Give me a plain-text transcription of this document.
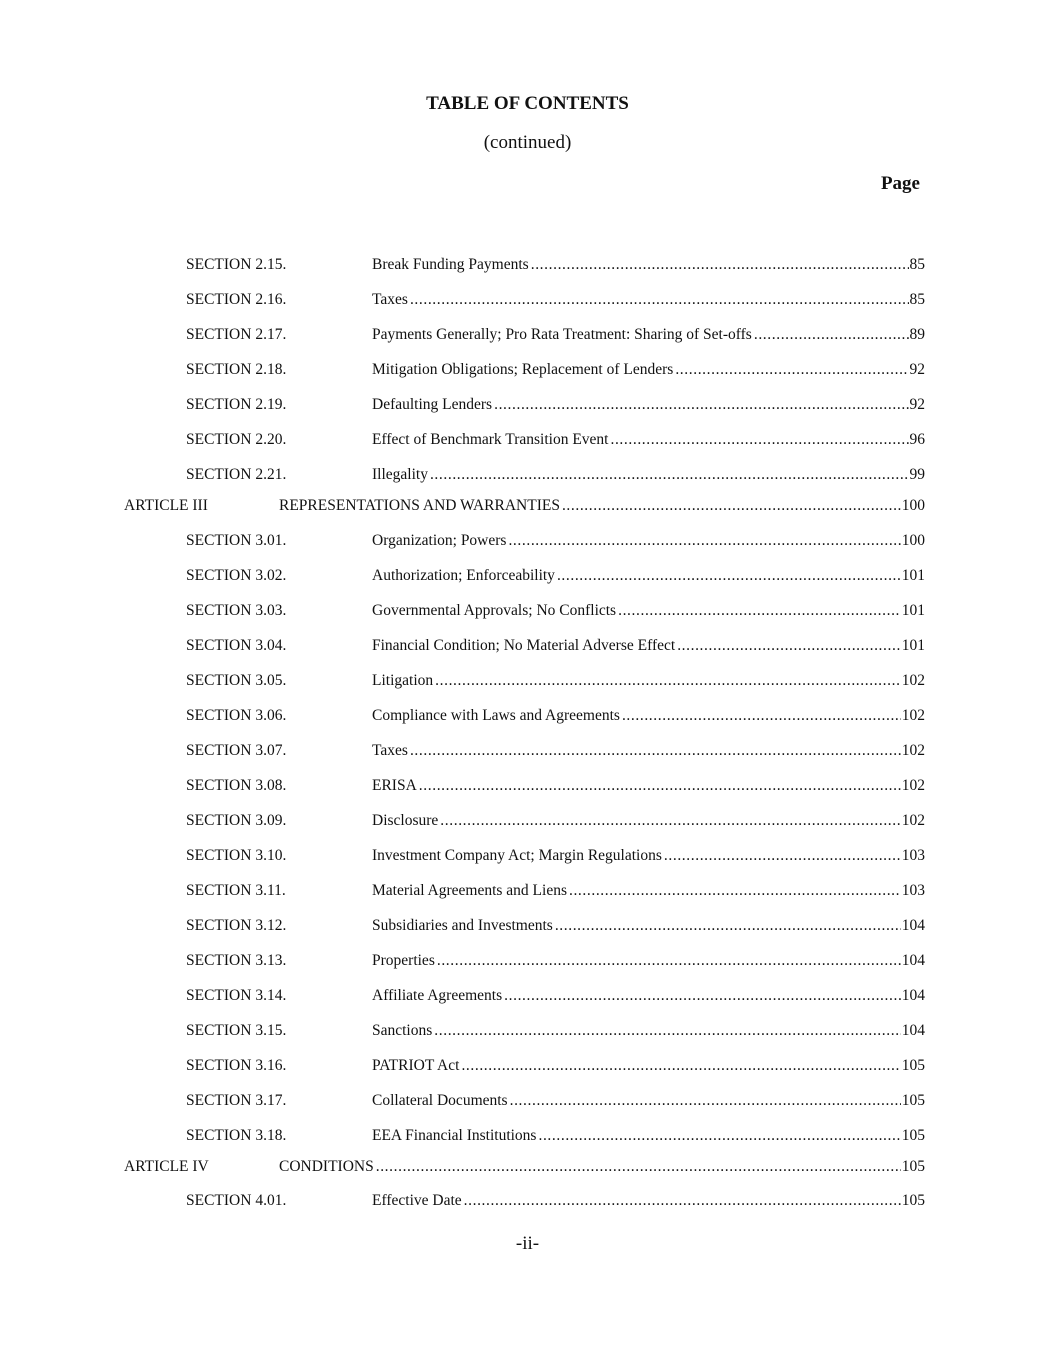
TABLE OF CONTENTS
(continued)
Page
SECTION 2.15.	Break Funding Payments .....	85
SECTION 2.16.	Taxes .....	85
SECTION 2.17.	Payments Generally; Pro Rata Treatment: Sharing of Set-offs .....	89
SECTION 2.18.	Mitigation Obligations; Replacement of Lenders .....	92
SECTION 2.19.	Defaulting Lenders .....	92
SECTION 2.20.	Effect of Benchmark Transition Event .....	96
SECTION 2.21.	Illegality .....	99
ARTICLE III	REPRESENTATIONS AND WARRANTIES .....	100
SECTION 3.01.	Organization; Powers .....	100
SECTION 3.02.	Authorization; Enforceability .....	101
SECTION 3.03.	Governmental Approvals; No Conflicts .....	101
SECTION 3.04.	Financial Condition; No Material Adverse Effect .....	101
SECTION 3.05.	Litigation .....	102
SECTION 3.06.	Compliance with Laws and Agreements .....	102
SECTION 3.07.	Taxes .....	102
SECTION 3.08.	ERISA .....	102
SECTION 3.09.	Disclosure .....	102
SECTION 3.10.	Investment Company Act; Margin Regulations .....	103
SECTION 3.11.	Material Agreements and Liens .....	103
SECTION 3.12.	Subsidiaries and Investments .....	104
SECTION 3.13.	Properties .....	104
SECTION 3.14.	Affiliate Agreements .....	104
SECTION 3.15.	Sanctions .....	104
SECTION 3.16.	PATRIOT Act .....	105
SECTION 3.17.	Collateral Documents .....	105
SECTION 3.18.	EEA Financial Institutions .....	105
ARTICLE IV	CONDITIONS .....	105
SECTION 4.01.	Effective Date .....	105
-ii-
